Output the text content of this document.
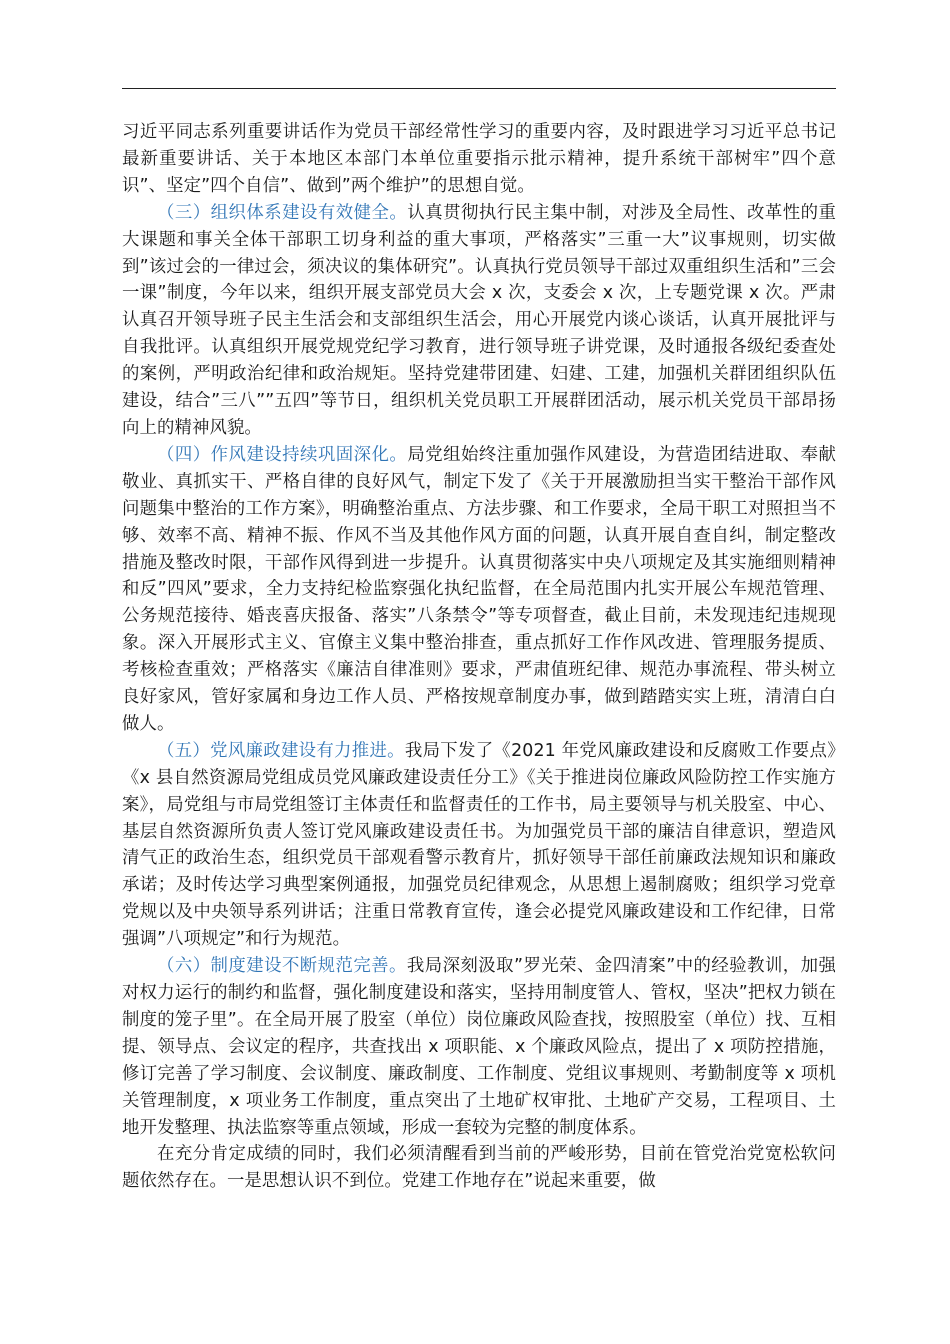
习近平同志系列重要讲话作为党员干部经常性学习的重要内容，及时跟进学习习近平总书记最新重要讲话、关于本地区本部门本单位重要指示批示精神，提升系统干部树牢”四个意识”、坚定”四个自信”、做到”两个维护”的思想自觉。

（三）组织体系建设有效健全。认真贯彻执行民主集中制，对涉及全局性、改革性的重大课题和事关全体干部职工切身利益的重大事项，严格落实”三重一大”议事规则，切实做到”该过会的一律过会，须决议的集体研究”。认真执行党员领导干部过双重组织生活和”三会一课”制度，今年以来，组织开展支部党员大会 x 次，支委会 x 次，上专题党课 x 次。严肃认真召开领导班子民主生活会和支部组织生活会，用心开展党内谈心谈话，认真开展批评与自我批评。认真组织开展党规党纪学习教育，进行领导班子讲党课，及时通报各级纪委查处的案例，严明政治纪律和政治规矩。坚持党建带团建、妇建、工建，加强机关群团组织队伍建设，结合”三八””五四”等节日，组织机关党员职工开展群团活动，展示机关党员干部昂扬向上的精神风貌。

（四）作风建设持续巩固深化。局党组始终注重加强作风建设，为营造团结进取、奉献敬业、真抓实干、严格自律的良好风气，制定下发了《关于开展激励担当实干整治干部作风问题集中整治的工作方案》，明确整治重点、方法步骤、和工作要求，全局干职工对照担当不够、效率不高、精神不振、作风不当及其他作风方面的问题，认真开展自查自纠，制定整改措施及整改时限，干部作风得到进一步提升。认真贯彻落实中央八项规定及其实施细则精神和反”四风”要求，全力支持纪检监察强化执纪监督，在全局范围内扎实开展公车规范管理、公务规范接待、婚丧喜庆报备、落实”八条禁令”等专项督查，截止目前，未发现违纪违规现象。深入开展形式主义、官僚主义集中整治排查，重点抓好工作作风改进、管理服务提质、考核检查重效；严格落实《廉洁自律准则》要求，严肃值班纪律、规范办事流程、带头树立良好家风，管好家属和身边工作人员、严格按规章制度办事，做到踏踏实实上班，清清白白做人。

（五）党风廉政建设有力推进。我局下发了《2021 年党风廉政建设和反腐败工作要点》《x 县自然资源局党组成员党风廉政建设责任分工》《关于推进岗位廉政风险防控工作实施方案》，局党组与市局党组签订主体责任和监督责任的工作书，局主要领导与机关股室、中心、基层自然资源所负责人签订党风廉政建设责任书。为加强党员干部的廉洁自律意识，塑造风清气正的政治生态，组织党员干部观看警示教育片，抓好领导干部任前廉政法规知识和廉政承诺；及时传达学习典型案例通报，加强党员纪律观念，从思想上遏制腐败；组织学习党章党规以及中央领导系列讲话；注重日常教育宣传，逢会必提党风廉政建设和工作纪律，日常强调”八项规定”和行为规范。

（六）制度建设不断规范完善。我局深刻汲取”罗光荣、金四清案”中的经验教训，加强对权力运行的制约和监督，强化制度建设和落实，坚持用制度管人、管权，坚决”把权力锁在制度的笼子里”。在全局开展了股室（单位）岗位廉政风险查找，按照股室（单位）找、互相提、领导点、会议定的程序，共查找出 x 项职能、x 个廉政风险点，提出了 x 项防控措施，修订完善了学习制度、会议制度、廉政制度、工作制度、党组议事规则、考勤制度等 x 项机关管理制度，x 项业务工作制度，重点突出了土地矿权审批、土地矿产交易，工程项目、土地开发整理、执法监察等重点领域，形成一套较为完整的制度体系。

在充分肯定成绩的同时，我们必须清醒看到当前的严峻形势，目前在管党治党宽松软问题依然存在。一是思想认识不到位。党建工作地存在”说起来重要，做
